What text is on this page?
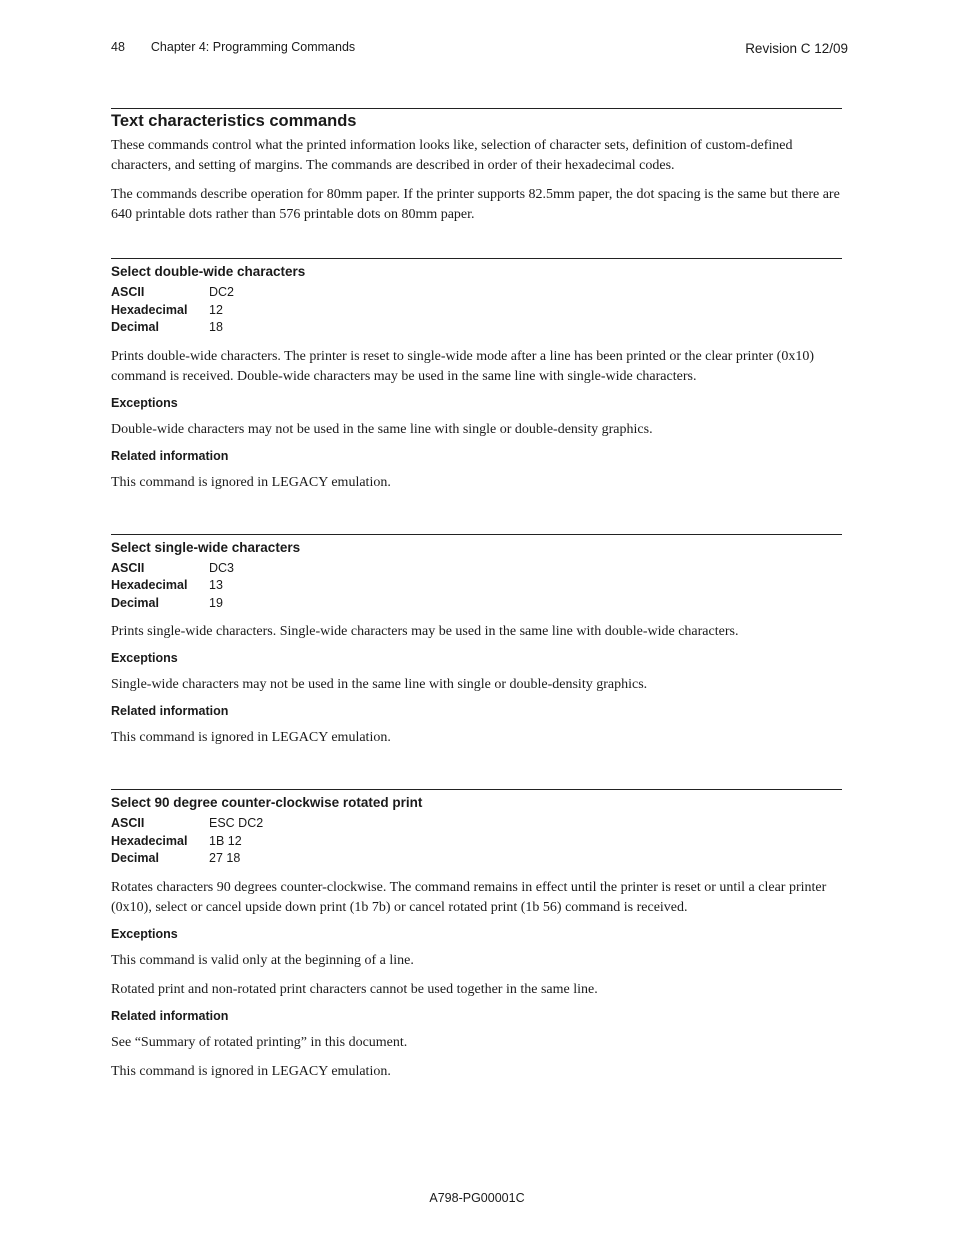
48 Chapter 4: Programming Commands	Revision C 12/09
Text characteristics commands

These commands control what the printed information looks like, selection of character sets, definition of custom-defined characters, and setting of margins. The commands are described in order of their hexadecimal codes.

The commands describe operation for 80mm paper. If the printer supports 82.5mm paper, the dot spacing is the same but there are 640 printable dots rather than 576 printable dots on 80mm paper.

Select double-wide characters
ASCII	DC2
Hexadecimal	12
Decimal	18

Prints double-wide characters. The printer is reset to single-wide mode after a line has been printed or the clear printer (0x10) command is received. Double-wide characters may be used in the same line with single-wide characters.

Exceptions

Double-wide characters may not be used in the same line with single or double-density graphics.

Related information

This command is ignored in LEGACY emulation.

Select single-wide characters
ASCII	DC3
Hexadecimal	13
Decimal	19

Prints single-wide characters. Single-wide characters may be used in the same line with double-wide characters.

Exceptions

Single-wide characters may not be used in the same line with single or double-density graphics.

Related information

This command is ignored in LEGACY emulation.

Select 90 degree counter-clockwise rotated print
ASCII	ESC DC2
Hexadecimal	1B 12
Decimal	27 18

Rotates characters 90 degrees counter-clockwise. The command remains in effect until the printer is reset or until a clear printer (0x10), select or cancel upside down print (1b 7b) or cancel rotated print (1b 56) command is received.

Exceptions

This command is valid only at the beginning of a line.

Rotated print and non-rotated print characters cannot be used together in the same line.

Related information

See “Summary of rotated printing” in this document.

This command is ignored in LEGACY emulation.

A798-PG00001C
